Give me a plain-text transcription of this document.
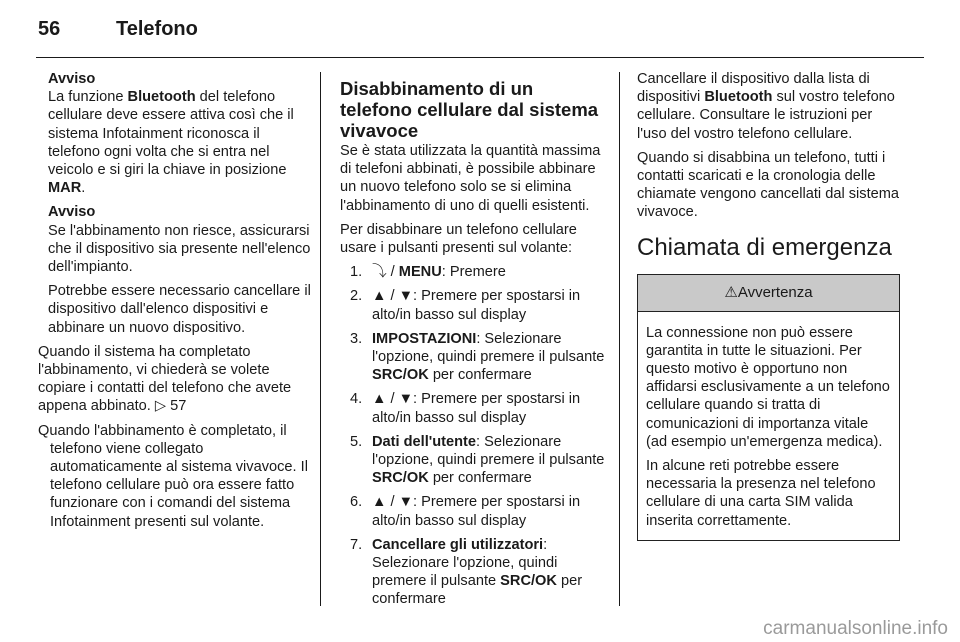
56	Telefono

Avviso

La funzione Bluetooth del telefono cellulare deve essere attiva così che il sistema Infotainment riconosca il telefono ogni volta che si entra nel veicolo e si giri la chiave in posizione MAR.

Avviso

Se l'abbinamento non riesce, assicurarsi che il dispositivo sia presente nell'elenco dell'impianto.

Potrebbe essere necessario cancellare il dispositivo dall'elenco dispositivi e abbinare un nuovo dispositivo.

Quando il sistema ha completato l'abbinamento, vi chiederà se volete copiare i contatti del telefono che avete appena abbinato. ▷ 57

Quando l'abbinamento è completato, il telefono viene collegato automaticamente al sistema vivavoce. Il telefono cellulare può ora essere fatto funzionare con i comandi del sistema Infotainment presenti sul volante.

Disabbinamento di un telefono cellulare dal sistema vivavoce

Se è stata utilizzata la quantità massima di telefoni abbinati, è possibile abbinare un nuovo telefono solo se si elimina l'abbinamento di uno di quelli esistenti.

Per disabbinare un telefono cellulare usare i pulsanti presenti sul volante:

1. ⤵ / MENU: Premere
2. ▲ / ▼: Premere per spostarsi in alto/in basso sul display
3. IMPOSTAZIONI: Selezionare l'opzione, quindi premere il pulsante SRC/OK per confermare
4. ▲ / ▼: Premere per spostarsi in alto/in basso sul display
5. Dati dell'utente: Selezionare l'opzione, quindi premere il pulsante SRC/OK per confermare
6. ▲ / ▼: Premere per spostarsi in alto/in basso sul display
7. Cancellare gli utilizzatori: Selezionare l'opzione, quindi premere il pulsante SRC/OK per confermare

Cancellare il dispositivo dalla lista di dispositivi Bluetooth sul vostro telefono cellulare. Consultare le istruzioni per l'uso del vostro telefono cellulare.

Quando si disabbina un telefono, tutti i contatti scaricati e la cronologia delle chiamate vengono cancellati dal sistema vivavoce.

Chiamata di emergenza
⚠Avvertenza

La connessione non può essere garantita in tutte le situazioni. Per questo motivo è opportuno non affidarsi esclusivamente a un telefono cellulare quando si tratta di comunicazioni di importanza vitale (ad esempio un'emergenza medica).

In alcune reti potrebbe essere necessaria la presenza nel telefono cellulare di una carta SIM valida inserita correttamente.

carmanualsonline.info
